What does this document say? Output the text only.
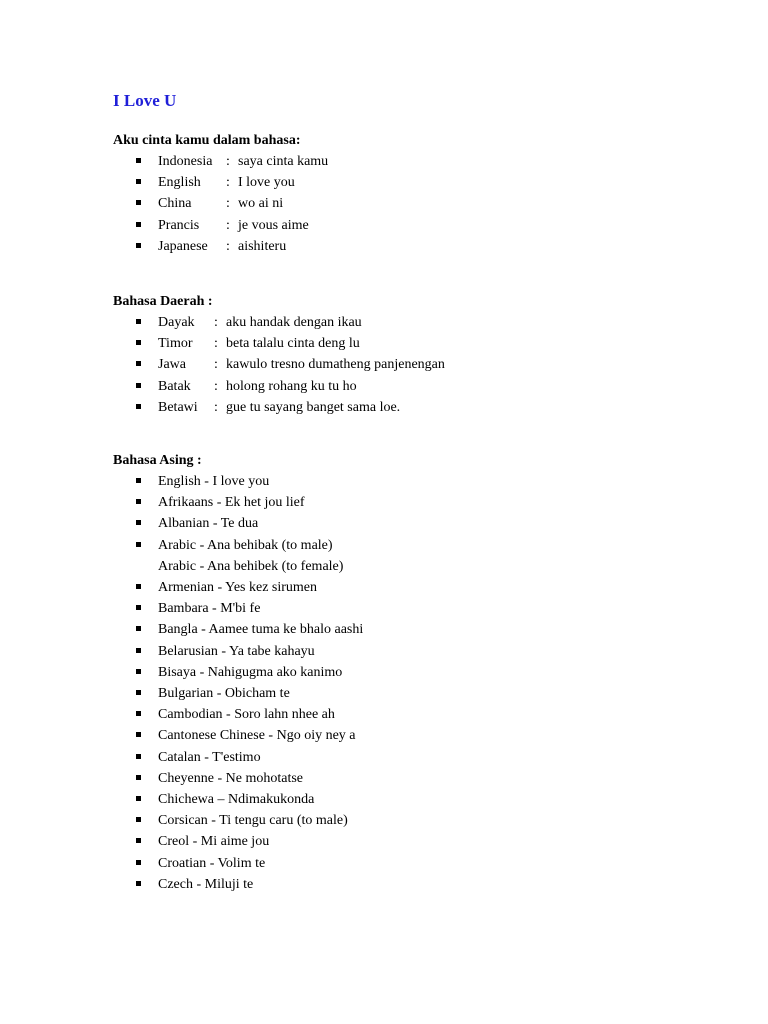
I Love U

Aku cinta kamu dalam bahasa:

Indonesia : saya cinta kamu
English : I love you
China : wo ai ni
Prancis : je vous aime
Japanese : aishiteru

Bahasa Daerah :

Dayak : aku handak dengan ikau
Timor : beta talalu cinta deng lu
Jawa : kawulo tresno dumatheng panjenengan
Batak : holong rohang ku tu ho
Betawi : gue tu sayang banget sama loe.

Bahasa Asing :

English - I love you
Afrikaans - Ek het jou lief
Albanian - Te dua
Arabic - Ana behibak (to male)
Arabic - Ana behibek (to female)
Armenian - Yes kez sirumen
Bambara - M'bi fe
Bangla - Aamee tuma ke bhalo aashi
Belarusian - Ya tabe kahayu
Bisaya - Nahigugma ako kanimo
Bulgarian - Obicham te
Cambodian - Soro lahn nhee ah
Cantonese Chinese - Ngo oiy ney a
Catalan - T'estimo
Cheyenne - Ne mohotatse
Chichewa – Ndimakukonda
Corsican - Ti tengu caru (to male)
Creol - Mi aime jou
Croatian - Volim te
Czech - Miluji te
